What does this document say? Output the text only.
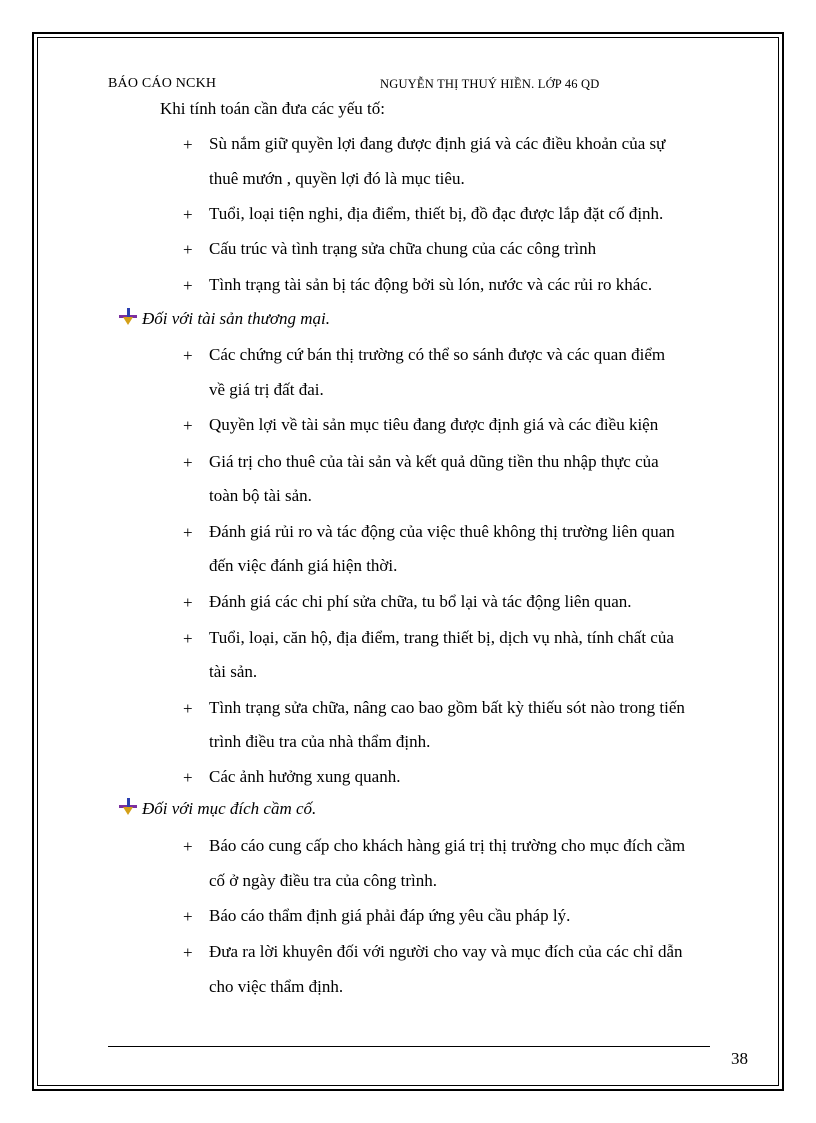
BÁO CÁO NCKH	NGUYỄN THỊ THUÝ HIỀN. LỚP 46 QD
Khi tính toán cần đưa các yếu tố:
+ Sù nắm giữ quyền lợi đang được định giá và các điều khoản của sự
thuê mướn , quyền lợi đó là mục tiêu.
+ Tuổi, loại tiện nghi, địa điểm, thiết bị, đồ đạc được lắp đặt cố định.
+ Cấu trúc và tình trạng sửa chữa chung của các công trình
+ Tình trạng tài sản bị tác động bởi sù lón, nước và các rủi ro khác.
Đối với tài sản thương mại.
+ Các chứng cứ bán thị trường có thể so sánh được và các quan điểm
về giá trị đất đai.
+ Quyền lợi về tài sản mục tiêu đang được định giá và các điều kiện
+ Giá trị cho thuê của tài sản và kết quả dũng tiền thu nhập thực của
toàn bộ tài sản.
+ Đánh giá rủi ro và tác động của việc thuê không thị trường liên quan
đến việc đánh giá hiện thời.
+ Đánh giá các chi phí sửa chữa, tu bổ lại và tác động liên quan.
+ Tuổi, loại, căn hộ, địa điểm, trang thiết bị, dịch vụ nhà, tính chất của
tài sản.
+ Tình trạng sửa chữa, nâng cao bao gồm bất kỳ thiếu sót nào trong tiến
trình điều tra của nhà thẩm định.
+ Các ảnh hưởng xung quanh.
Đối với mục đích cầm cố.
+ Báo cáo cung cấp cho khách hàng giá trị thị trường cho mục đích cầm
cố ở ngày điều tra của công trình.
+ Báo cáo thẩm định giá phải đáp ứng yêu cầu pháp lý.
+ Đưa ra lời khuyên đối với người cho vay và mục đích của các chỉ dẫn
cho việc thẩm định.
38
